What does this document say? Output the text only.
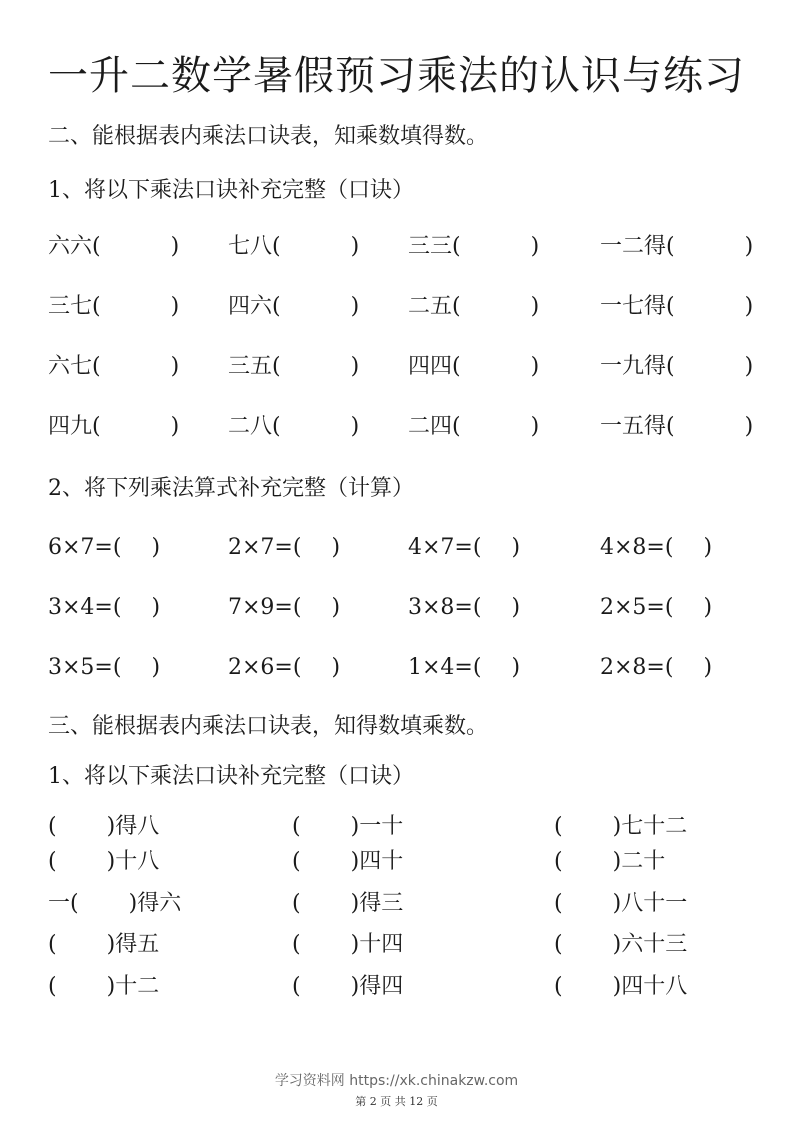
一升二数学暑假预习乘法的认识与练习
二、能根据表内乘法口诀表，知乘数填得数。
1、将以下乘法口诀补充完整（口诀）
六六(	) 七八(	) 三三(	)	一二得(	)
三七(	) 四六(	) 二五(	)	一七得(	)
六七(	) 三五(	) 四四(	)	一九得(	)
四九(	) 二八(	) 二四(	)	一五得(	)
2、将下列乘法算式补充完整（计算）
6×7=( )	2×7=( )	4×7=( )	4×8=( )
3×4=( )	7×9=( )	3×8=( )	2×5=( )
3×5=( )	2×6=( )	1×4=( )	2×8=( )
三、能根据表内乘法口诀表，知得数填乘数。
1、将以下乘法口诀补充完整（口诀）
( )得八	( )一十	( )七十二
( )十八	( )四十	( )二十
一( )得六	( )得三	( )八十一
( )得五	( )十四	( )六十三
( )十二	( )得四	( )四十八
学习资料网 https://xk.chinakzw.com
第 2 页 共 12 页
